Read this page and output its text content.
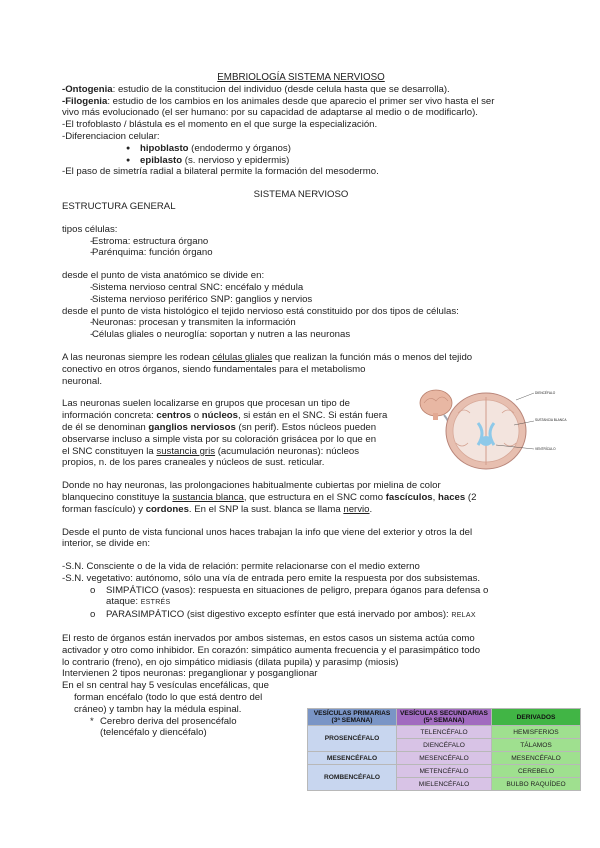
EMBRIOLOGÍA SISTEMA NERVIOSO

-Ontogenia: estudio de la constitucion del individuo (desde celula hasta que se desarrolla).

-Filogenia: estudio de los cambios en los animales desde que aparecio el primer ser vivo hasta el ser

vivo más evolucionado (el ser humano: por su capacidad de adaptarse al medio o de modificarlo).

-El trofoblasto / blástula es el momento en el que surge la especialización.

-Diferenciacion celular:

● hipoblasto (endodermo y órganos)
● epiblasto (s. nervioso y epidermis)

-El paso de simetría radial a bilateral permite la formación del mesodermo.

SISTEMA NERVIOSO

ESTRUCTURA GENERAL

tipos células:

- Estroma: estructura órgano
- Parénquima: función órgano

desde el punto de vista anatómico se divide en:

- Sistema nervioso central SNC: encéfalo y médula
- Sistema nervioso periférico SNP: ganglios y nervios

desde el punto de vista histológico el tejido nervioso está constituido por dos tipos de células:

- Neuronas: procesan y transmiten la información
- Células gliales o neuroglía: soportan y nutren a las neuronas

A las neuronas siempre les rodean células gliales que realizan la función más o menos del tejido

conectivo en otros órganos, siendo fundamentales para el metabolismo

neuronal.

Las neuronas suelen localizarse en grupos que procesan un tipo de

información concreta: centros o núcleos, si están en el SNC. Si están fuera

de él se denominan ganglios nerviosos (sn perif). Estos núcleos pueden

observarse incluso a simple vista por su coloración grisácea por lo que en

el SNC constituyen la sustancia gris (acumulación neuronas): núcleos

propios, n. de los pares craneales y núcleos de sust. reticular.

Donde no hay neuronas, las prolongaciones habitualmente cubiertas por mielina de color

blanquecino constituye la sustancia blanca, que estructura en el SNC como fascículos, haces (2

forman fascículo) y cordones. En el SNP la sust. blanca se llama nervio.

Desde el punto de vista funcional unos haces trabajan la info que viene del exterior y otros la del

interior, se divide en:

-S.N. Consciente o de la vida de relación: permite relacionarse con el medio externo

-S.N. vegetativo: autónomo, sólo una vía de entrada pero emite la respuesta por dos subsistemas.

o SIMPÁTICO (vasos): respuesta en situaciones de peligro, prepara óganos para defensa o
ataque: ESTRÉS
o PARASIMPÁTICO (sist digestivo excepto esfínter que está inervado por ambos): RELAX

El resto de órganos están inervados por ambos sistemas, en estos casos un sistema actúa como

activador y otro como inhibidor. En corazón: simpático aumenta frecuencia y el parasimpático todo

lo contrario (freno), en ojo simpático midiasis (dilata pupila) y parasimp (miosis)

Intervienen 2 tipos neuronas: preganglionar y posganglionar

En el sn central hay 5 vesículas encefálicas, que

forman encéfalo (todo lo que está dentro del

cráneo) y tambn hay la médula espinal.

* Cerebro deriva del prosencéfalo
(telencéfalo y diencéfalo)
DIENCÉFALO
SUSTANCIA BLANCA
VENTRÍCULO
VESÍCULAS PRIMARIAS (3ª SEMANA)	VESÍCULAS SECUNDARIAS (5ª SEMANA)	DERIVADOS
PROSENCÉFALO	TELENCÉFALO	HEMISFERIOS
	DIENCÉFALO	TÁLAMOS
MESENCÉFALO	MESENCÉFALO	MESENCÉFALO
ROMBENCÉFALO	METENCÉFALO	CEREBELO
	MIELENCÉFALO	BULBO RAQUÍDEO
